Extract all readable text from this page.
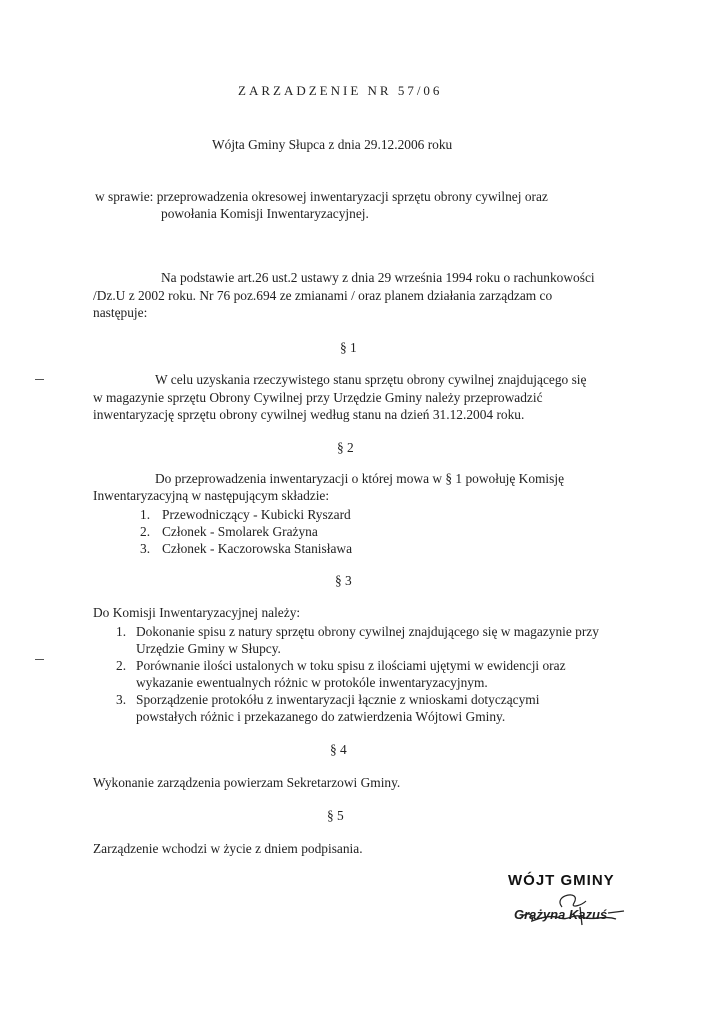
ZARZADZENIE NR 57/06
Wójta Gminy Słupca z dnia 29.12.2006 roku
w sprawie: przeprowadzenia okresowej inwentaryzacji sprzętu obrony cywilnej oraz
powołania Komisji Inwentaryzacyjnej.
Na podstawie art.26 ust.2 ustawy z dnia 29 września 1994 roku o rachunkowości
/Dz.U z 2002 roku. Nr 76 poz.694 ze zmianami / oraz planem działania zarządzam co
następuje:
§ 1
W celu uzyskania rzeczywistego stanu sprzętu obrony cywilnej znajdującego się
w magazynie sprzętu Obrony Cywilnej przy Urzędzie Gminy należy przeprowadzić
inwentaryzację sprzętu obrony cywilnej według stanu na dzień 31.12.2004 roku.
§ 2
Do przeprowadzenia inwentaryzacji o której mowa w § 1 powołuję Komisję
Inwentaryzacyjną w następującym składzie:
1. Przewodniczący - Kubicki Ryszard
2. Członek - Smolarek Grażyna
3. Członek - Kaczorowska Stanisława
§ 3
Do Komisji Inwentaryzacyjnej należy:
1. Dokonanie spisu z natury sprzętu obrony cywilnej znajdującego się w magazynie przy
Urzędzie Gminy w Słupcy.
2. Porównanie ilości ustalonych w toku spisu z ilościami ujętymi w ewidencji oraz
wykazanie ewentualnych różnic w protokóle inwentaryzacyjnym.
3. Sporządzenie protokółu z inwentaryzacji łącznie z wnioskami dotyczącymi
powstałych różnic i przekazanego do zatwierdzenia Wójtowi Gminy.
§ 4
Wykonanie zarządzenia powierzam Sekretarzowi Gminy.
§ 5
Zarządzenie wchodzi w życie z dniem podpisania.
WÓJT GMINY
Grażyna Kazuś
